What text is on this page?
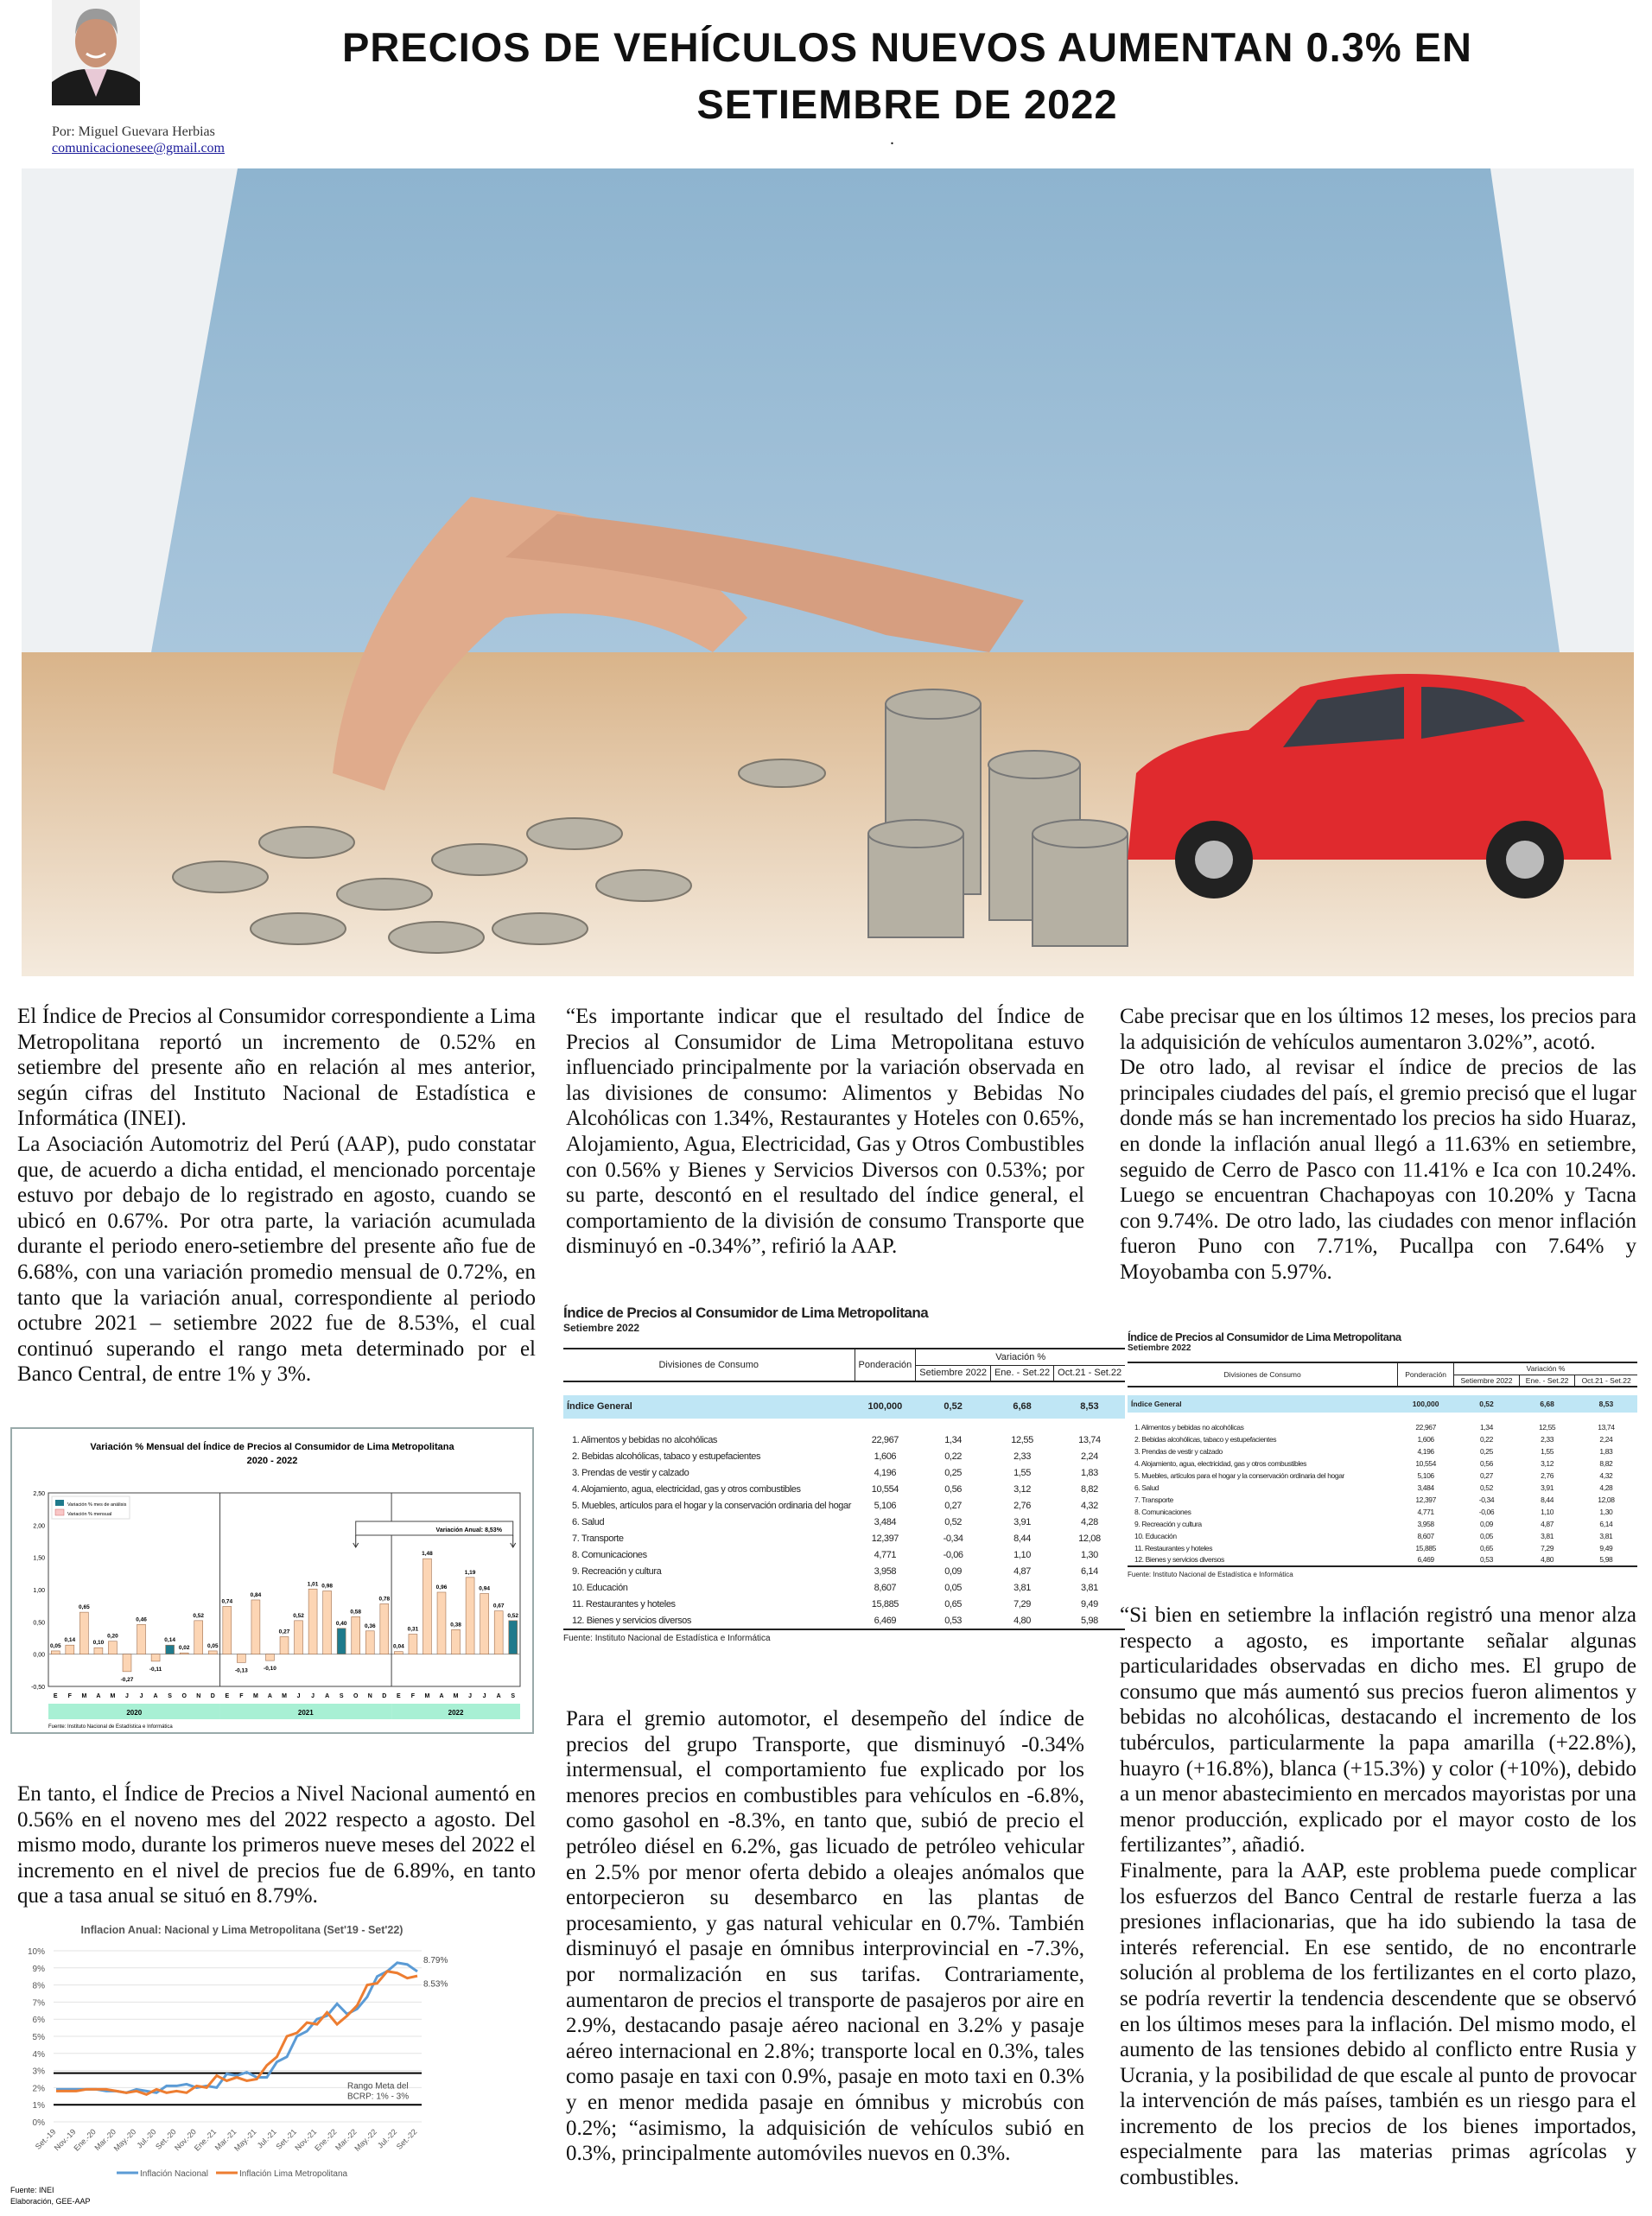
PRECIOS DE VEHÍCULOS NUEVOS AUMENTAN 0.3% EN
SETIEMBRE DE 2022
.
Por: Miguel Guevara Herbias
comunicacionesee@gmail.com

El Índice de Precios al Consumidor correspondiente a Lima Metropolitana reportó un incremento de 0.52% en setiembre del presente año en relación al mes anterior, según cifras del Instituto Nacional de Estadística e Informática (INEI).

La Asociación Automotriz del Perú (AAP), pudo constatar que, de acuerdo a dicha entidad, el mencionado porcentaje estuvo por debajo de lo registrado en agosto, cuando se ubicó en 0.67%. Por otra parte, la variación acumulada durante el periodo enero-setiembre del presente año fue de 6.68%, con una variación promedio mensual de 0.72%, en tanto que la variación anual, correspondiente al periodo octubre 2021 – setiembre 2022 fue de 8.53%, el cual continuó superando el rango meta determinado por el Banco Central, de entre 1% y 3%.

Variación % Mensual del Índice de Precios al Consumidor de Lima Metropolitana
2020 - 2022
-0,50
0,00
0,50
1,00
1,50
2,00
2,50
0,05
E
0,14
F
0,65
M
0,10
A
0,20
M
-0,27
J
0,46
J
-0,11
A
0,14
S
0,02
O
0,52
N
0,05
D
2020
0,74
E
-0,13
F
0,84
M
-0,10
A
0,27
M
0,52
J
1,01
J
0,98
A
0,40
S
0,58
O
0,36
N
0,78
D
2021
0,04
E
0,31
F
1,48
M
0,96
A
0,38
M
1,19
J
0,94
J
0,67
A
0,52
S
2022
Variación % mes de análisis
Variación % mensual
Variación Anual: 8,53%
Fuente: Instituto Nacional de Estadística e Informática

En tanto, el Índice de Precios a Nivel Nacional aumentó en 0.56% en el noveno mes del 2022 respecto a agosto. Del mismo modo, durante los primeros nueve meses del 2022 el incremento en el nivel de precios fue de 6.89%, en tanto que a tasa anual se situó en 8.79%.

Inflacion Anual: Nacional y Lima Metropolitana (Set'19 - Set'22)
0%
1%
2%
3%
4%
5%
6%
7%
8%
9%
10%
Rango Meta del
BCRP: 1% - 3%
8.79%
8.53%
Set.-19
Nov.-19
Ene.-20
Mar.-20
May.-20
Jul.-20
Set.-20
Nov.-20
Ene.-21
Mar.-21
May.-21
Jul.-21
Set.-21
Nov.-21
Ene.-22
Mar.-22
May.-22
Jul.-22
Set.-22
Inflación Nacional	Inflación Lima Metropolitana
Fuente: INEI
Elaboración, GEE-AAP

“Es importante indicar que el resultado del Índice de Precios al Consumidor de Lima Metropolitana estuvo influenciado principalmente por la variación observada en las divisiones de consumo: Alimentos y Bebidas No Alcohólicas con 1.34%, Restaurantes y Hoteles con 0.65%, Alojamiento, Agua, Electricidad, Gas y Otros Combustibles con 0.56% y Bienes y Servicios Diversos con 0.53%; por su parte, descontó en el resultado del índice general, el comportamiento de la división de consumo Transporte que disminuyó en -0.34%”, refirió la AAP.

Índice de Precios al Consumidor de Lima Metropolitana
Setiembre 2022
Divisiones de Consumo	Ponderación	Variación %		
		Setiembre 2022	Ene. - Set.22	Oct.21 - Set.22

Índice General	100,000	0,52	6,68	8,53

1. Alimentos y bebidas no alcohólicas	22,967	1,34	12,55	13,74
2. Bebidas alcohólicas, tabaco y estupefacientes	1,606	0,22	2,33	2,24
3. Prendas de vestir y calzado	4,196	0,25	1,55	1,83
4. Alojamiento, agua, electricidad, gas y otros combustibles	10,554	0,56	3,12	8,82
5. Muebles, artículos para el hogar y la conservación ordinaria del hogar	5,106	0,27	2,76	4,32
6. Salud	3,484	0,52	3,91	4,28
7. Transporte	12,397	-0,34	8,44	12,08
8. Comunicaciones	4,771	-0,06	1,10	1,30
9. Recreación y cultura	3,958	0,09	4,87	6,14
10. Educación	8,607	0,05	3,81	3,81
11. Restaurantes y hoteles	15,885	0,65	7,29	9,49
12. Bienes y servicios diversos	6,469	0,53	4,80	5,98
Fuente: Instituto Nacional de Estadística e Informática

Para el gremio automotor, el desempeño del índice de precios del grupo Transporte, que disminuyó -0.34% intermensual, el comportamiento fue explicado por los menores precios en combustibles para vehículos en -6.8%, como gasohol en -8.3%, en tanto que, subió de precio el petróleo diésel en 6.2%, gas licuado de petróleo vehicular en 2.5% por menor oferta debido a oleajes anómalos que entorpecieron su desembarco en las plantas de procesamiento, y gas natural vehicular en 0.7%. También disminuyó el pasaje en ómnibus interprovincial en -7.3%, por normalización en sus tarifas. Contrariamente, aumentaron de precios el transporte de pasajeros por aire en 2.9%, destacando pasaje aéreo nacional en 3.2% y pasaje aéreo internacional en 2.8%; transporte local en 0.3%, tales como pasaje en taxi con 0.9%, pasaje en moto taxi en 0.3% y en menor medida pasaje en ómnibus y microbús con 0.2%; “asimismo, la adquisición de vehículos subió en 0.3%, principalmente automóviles nuevos en 0.3%.

Cabe precisar que en los últimos 12 meses, los precios para la adquisición de vehículos aumentaron 3.02%”, acotó.

De otro lado, al revisar el índice de precios de las principales ciudades del país, el gremio precisó que el lugar donde más se han incrementado los precios ha sido Huaraz, en donde la inflación anual llegó a 11.63% en setiembre, seguido de Cerro de Pasco con 11.41% e Ica con 10.24%. Luego se encuentran Chachapoyas con 10.20% y Tacna con 9.74%. De otro lado, las ciudades con menor inflación fueron Puno con 7.71%, Pucallpa con 7.64% y Moyobamba con 5.97%.

Índice de Precios al Consumidor de Lima Metropolitana
Setiembre 2022
Divisiones de Consumo	Ponderación	Variación %		
		Setiembre 2022	Ene. - Set.22	Oct.21 - Set.22

Índice General	100,000	0,52	6,68	8,53

1. Alimentos y bebidas no alcohólicas	22,967	1,34	12,55	13,74
2. Bebidas alcohólicas, tabaco y estupefacientes	1,606	0,22	2,33	2,24
3. Prendas de vestir y calzado	4,196	0,25	1,55	1,83
4. Alojamiento, agua, electricidad, gas y otros combustibles	10,554	0,56	3,12	8,82
5. Muebles, artículos para el hogar y la conservación ordinaria del hogar	5,106	0,27	2,76	4,32
6. Salud	3,484	0,52	3,91	4,28
7. Transporte	12,397	-0,34	8,44	12,08
8. Comunicaciones	4,771	-0,06	1,10	1,30
9. Recreación y cultura	3,958	0,09	4,87	6,14
10. Educación	8,607	0,05	3,81	3,81
11. Restaurantes y hoteles	15,885	0,65	7,29	9,49
12. Bienes y servicios diversos	6,469	0,53	4,80	5,98
Fuente: Instituto Nacional de Estadística e Informática

“Si bien en setiembre la inflación registró una menor alza respecto a agosto, es importante señalar algunas particularidades observadas en dicho mes. El grupo de consumo que más aumentó sus precios fueron alimentos y bebidas no alcohólicas, destacando el incremento de los tubérculos, particularmente la papa amarilla (+22.8%), huayro (+16.8%), blanca (+15.3%) y color (+10%), debido a un menor abastecimiento en mercados mayoristas por una menor producción, explicado por el mayor costo de los fertilizantes”, añadió.

Finalmente, para la AAP, este problema puede complicar los esfuerzos del Banco Central de restarle fuerza a las presiones inflacionarias, que ha ido subiendo la tasa de interés referencial. En ese sentido, de no encontrarle solución al problema de los fertilizantes en el corto plazo, se podría revertir la tendencia descendente que se observó en los últimos meses para la inflación. Del mismo modo, el aumento de las tensiones debido al conflicto entre Rusia y Ucrania, y la posibilidad de que escale al punto de provocar la intervención de más países, también es un riesgo para el incremento de los precios de los bienes importados, especialmente para las materias primas agrícolas y combustibles.
